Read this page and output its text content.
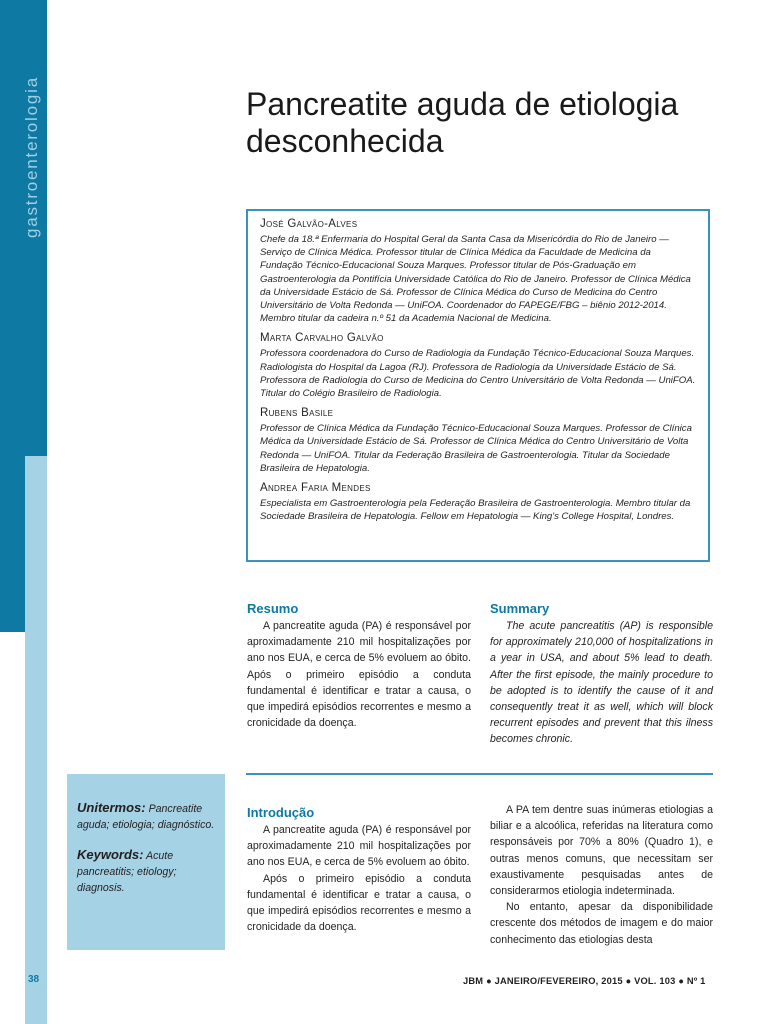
gastroenterologia	Pancreatite aguda de etiologia desconhecida
José Galvão-Alves
Chefe da 18.ª Enfermaria do Hospital Geral da Santa Casa da Misericórdia do Rio de Janeiro — Serviço de Clínica Médica. Professor titular de Clínica Médica da Faculdade de Medicina da Fundação Técnico-Educacional Souza Marques. Professor titular de Pós-Graduação em Gastroenterologia da Pontifícia Universidade Católica do Rio de Janeiro. Professor de Clínica Médica da Universidade Estácio de Sá. Professor de Clínica Médica do Curso de Medicina do Centro Universitário de Volta Redonda — UniFOA. Coordenador do FAPEGE/FBG – biênio 2012-2014. Membro titular da cadeira n.º 51 da Academia Nacional de Medicina.
Marta Carvalho Galvão
Professora coordenadora do Curso de Radiologia da Fundação Técnico-Educacional Souza Marques. Radiologista do Hospital da Lagoa (RJ). Professora de Radiologia da Universidade Estácio de Sá. Professora de Radiologia do Curso de Medicina do Centro Universitário de Volta Redonda — UniFOA. Titular do Colégio Brasileiro de Radiologia.
Rubens Basile
Professor de Clínica Médica da Fundação Técnico-Educacional Souza Marques. Professor de Clínica Médica da Universidade Estácio de Sá. Professor de Clínica Médica do Centro Universitário de Volta Redonda — UniFOA. Titular da Federação Brasileira de Gastroenterologia. Titular da Sociedade Brasileira de Hepatologia.
Andrea Faria Mendes
Especialista em Gastroenterologia pela Federação Brasileira de Gastroenterologia. Membro titular da Sociedade Brasileira de Hepatologia. Fellow em Hepatologia — King's College Hospital, Londres.
Resumo

A pancreatite aguda (PA) é responsável por aproximadamente 210 mil hospitalizações por ano nos EUA, e cerca de 5% evoluem ao óbito. Após o primeiro episódio a conduta fundamental é identificar e tratar a causa, o que impedirá episódios recorrentes e mesmo a cronicidade da doença.

Summary

The acute pancreatitis (AP) is responsible for approximately 210,000 of hospitalizations in a year in USA, and about 5% lead to death. After the first episode, the mainly procedure to be adopted is to identify the cause of it and consequently treat it as well, which will block recurrent episodes and prevent that this ilness becomes chronic.

Unitermos: Pancreatite aguda; etiologia; diagnóstico.
Keywords: Acute pancreatitis; etiology; diagnosis.
Introdução

A pancreatite aguda (PA) é responsável por aproximadamente 210 mil hospitalizações por ano nos EUA, e cerca de 5% evoluem ao óbito.

Após o primeiro episódio a conduta fundamental é identificar e tratar a causa, o que impedirá episódios recorrentes e mesmo a cronicidade da doença.

A PA tem dentre suas inúmeras etiologias a biliar e a alcoólica, referidas na literatura como responsáveis por 70% a 80% (Quadro 1), e outras menos comuns, que necessitam ser exaustivamente pesquisadas antes de considerarmos etiologia indeterminada.

No entanto, apesar da disponibilidade crescente dos métodos de imagem e do maior conhecimento das etiologias desta

38	JBM ● JANEIRO/FEVEREIRO, 2015 ● VOL. 103 ● Nº 1
